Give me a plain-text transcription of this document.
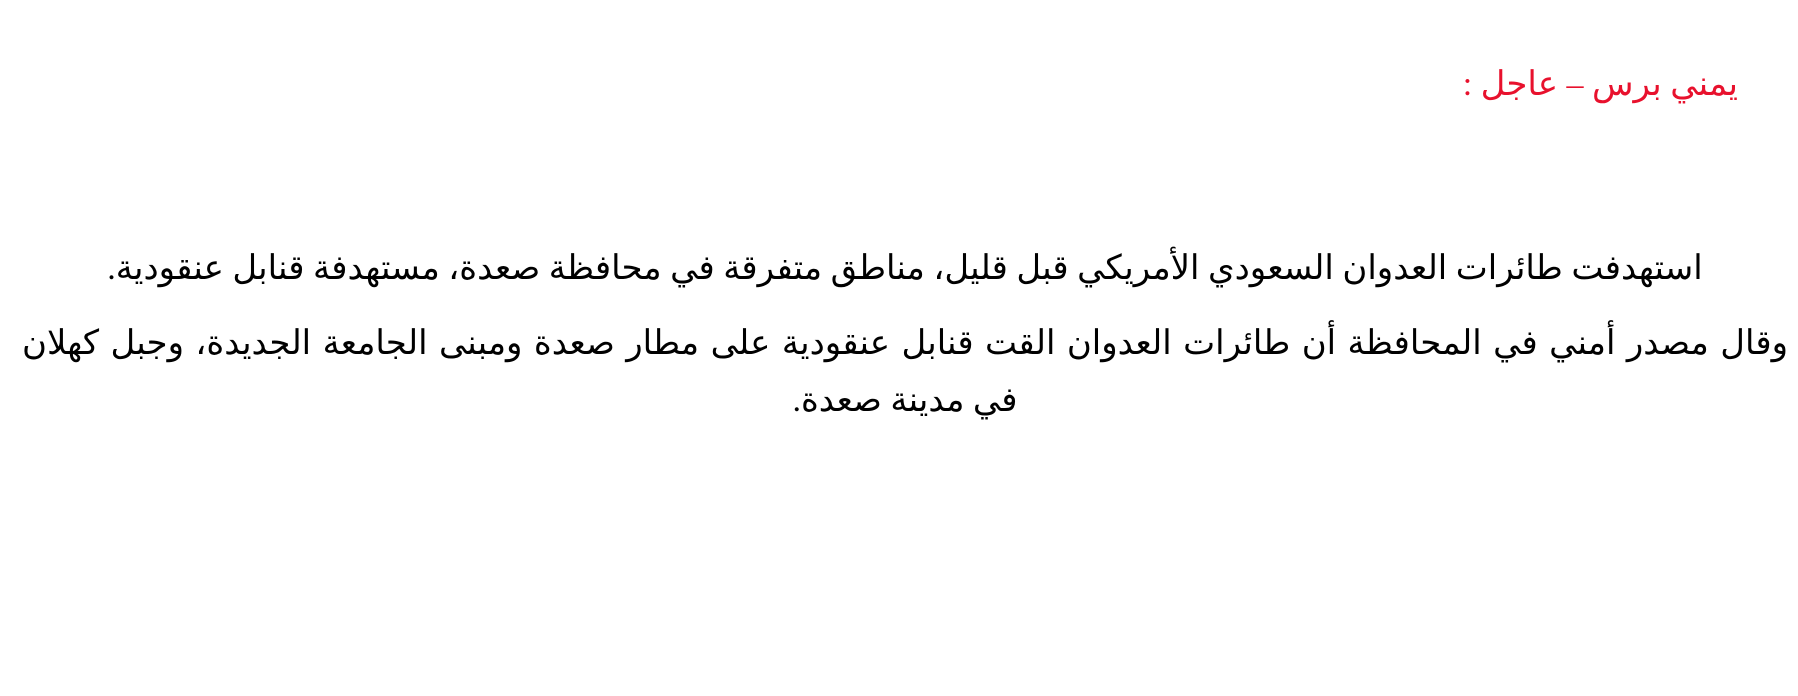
يمني برس – عاجل :

استهدفت طائرات العدوان السعودي الأمريكي قبل قليل، مناطق متفرقة في محافظة صعدة، مستهدفة قنابل عنقودية.

وقال مصدر أمني في المحافظة أن طائرات العدوان القت قنابل عنقودية على مطار صعدة ومبنى الجامعة الجديدة، وجبل كهلان في مدينة صعدة.
